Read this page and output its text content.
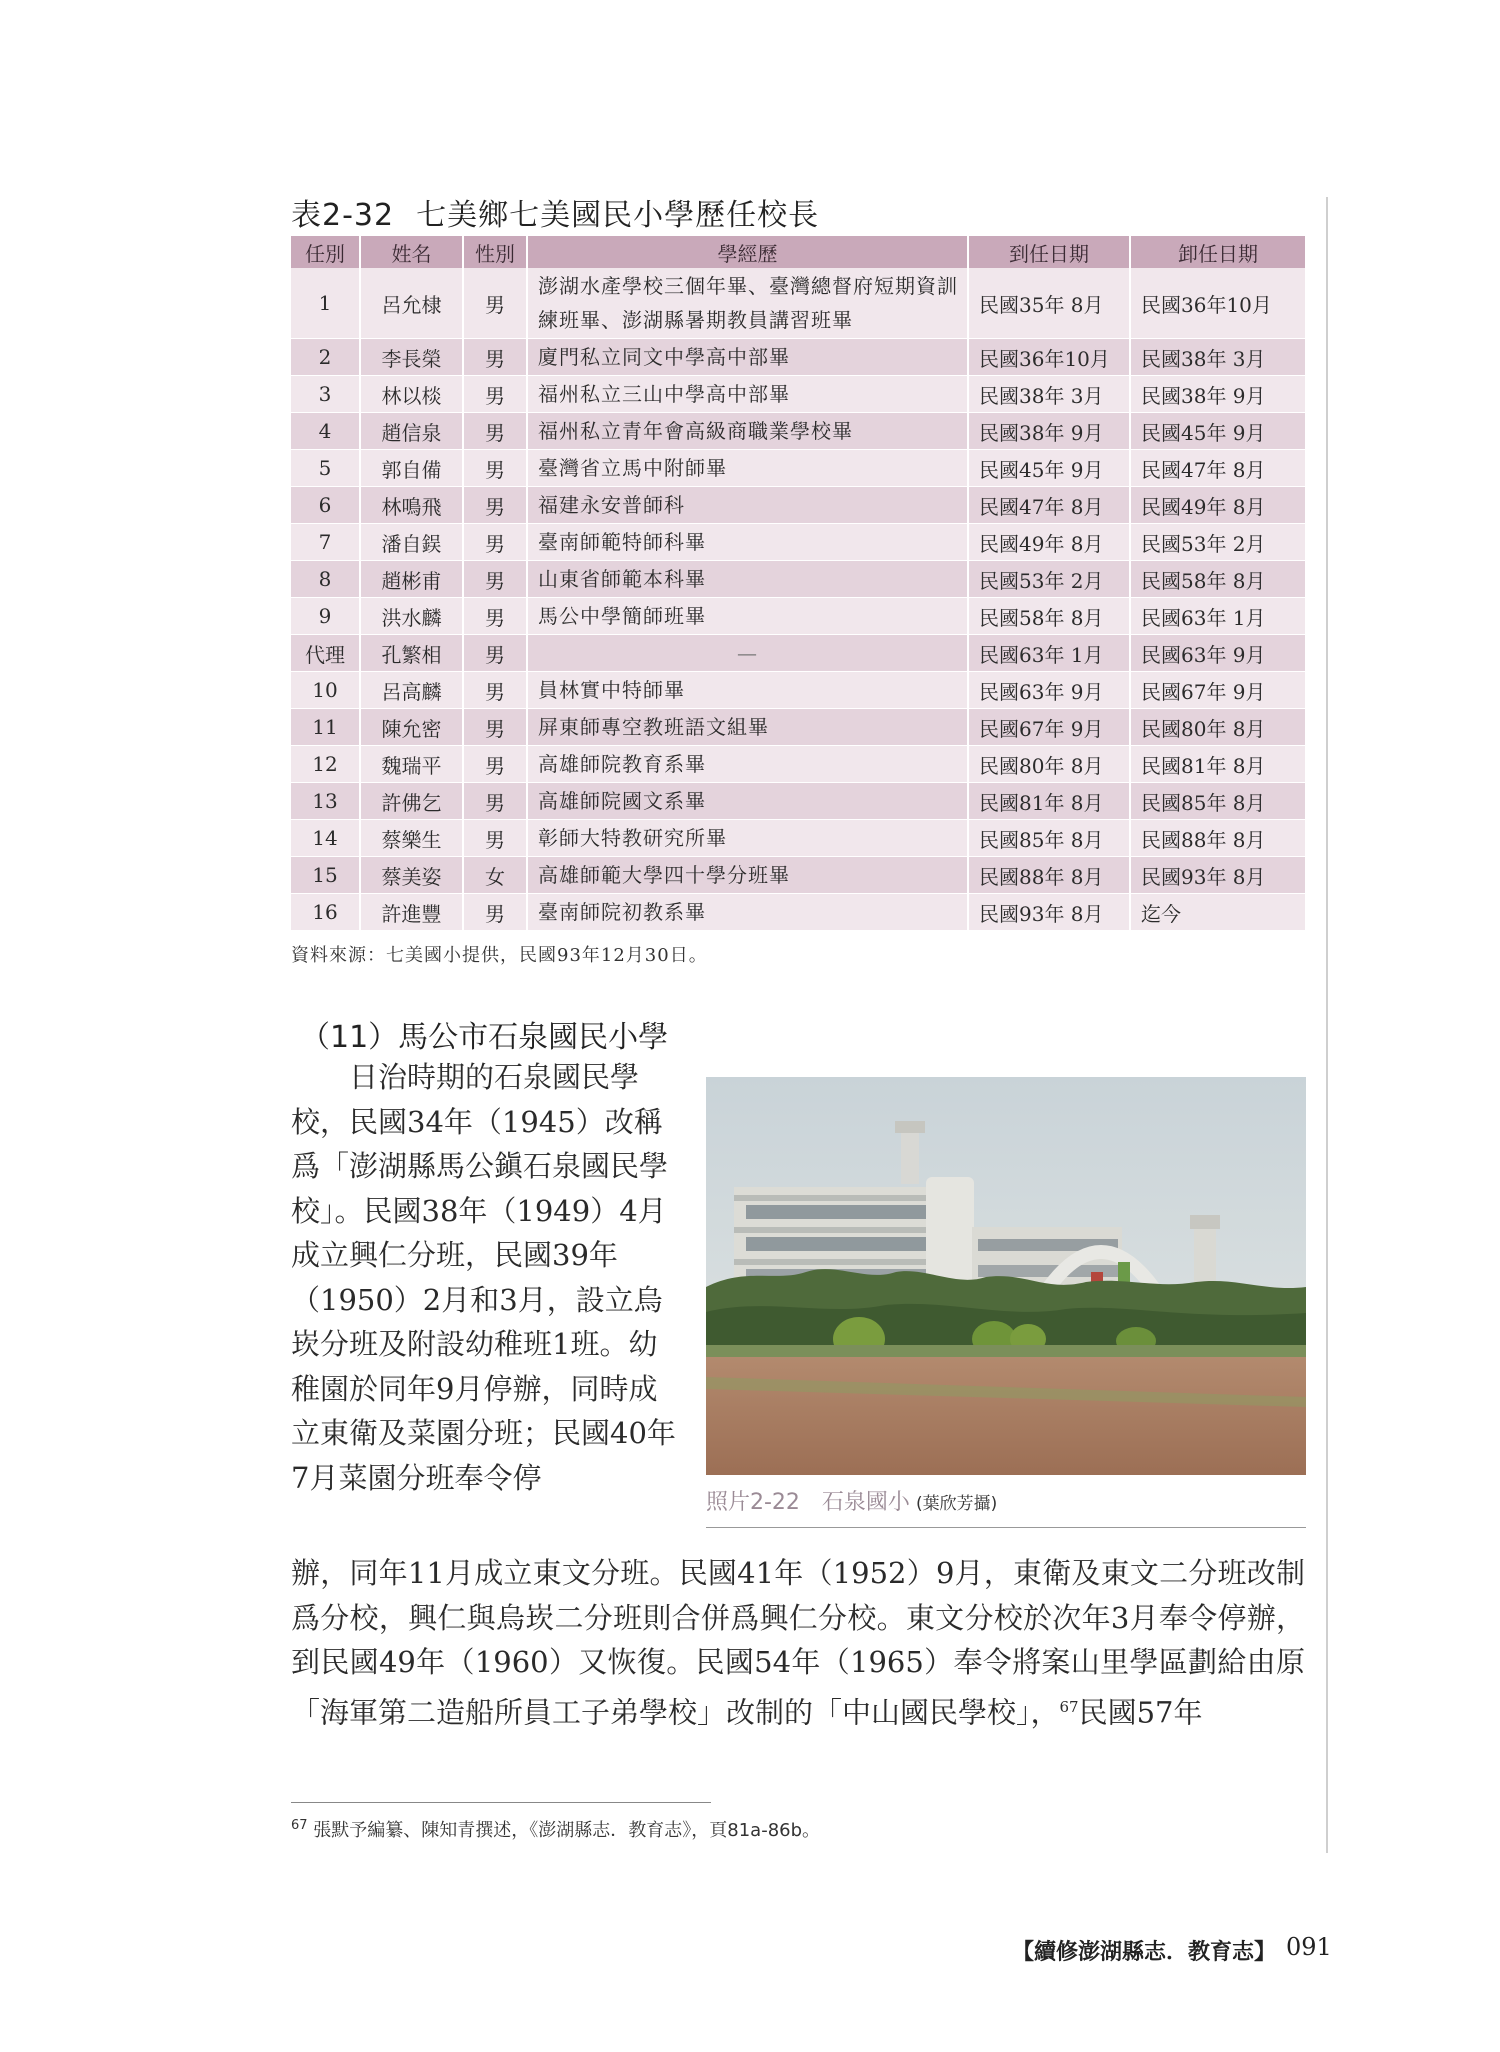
表2-32 七美鄉七美國民小學歷任校長
任別	姓名	性別	學經歷	到任日期	卸任日期
1	呂允棣	男	澎湖水產學校三個年畢、臺灣總督府短期資訓練班畢、澎湖縣暑期教員講習班畢	民國35年 8月	民國36年10月
2	李長榮	男	廈門私立同文中學高中部畢	民國36年10月	民國38年 3月
3	林以棪	男	福州私立三山中學高中部畢	民國38年 3月	民國38年 9月
4	趙信泉	男	福州私立青年會高級商職業學校畢	民國38年 9月	民國45年 9月
5	郭自備	男	臺灣省立馬中附師畢	民國45年 9月	民國47年 8月
6	林鳴飛	男	福建永安普師科	民國47年 8月	民國49年 8月
7	潘自鋘	男	臺南師範特師科畢	民國49年 8月	民國53年 2月
8	趙彬甫	男	山東省師範本科畢	民國53年 2月	民國58年 8月
9	洪水麟	男	馬公中學簡師班畢	民國58年 8月	民國63年 1月
代理	孔繁相	男	—	民國63年 1月	民國63年 9月
10	呂高麟	男	員林實中特師畢	民國63年 9月	民國67年 9月
11	陳允密	男	屏東師專空教班語文組畢	民國67年 9月	民國80年 8月
12	魏瑞平	男	高雄師院教育系畢	民國80年 8月	民國81年 8月
13	許佛乞	男	高雄師院國文系畢	民國81年 8月	民國85年 8月
14	蔡樂生	男	彰師大特教研究所畢	民國85年 8月	民國88年 8月
15	蔡美姿	女	高雄師範大學四十學分班畢	民國88年 8月	民國93年 8月
16	許進豐	男	臺南師院初教系畢	民國93年 8月	迄今
資料來源：七美國小提供，民國93年12月30日。
（11）馬公市石泉國民小學

日治時期的石泉國民學校，民國34年（1945）改稱爲「澎湖縣馬公鎭石泉國民學校」。民國38年（1949）4月成立興仁分班，民國39年（1950）2月和3月，設立烏崁分班及附設幼稚班1班。幼稚園於同年9月停辦，同時成立東衛及菜園分班；民國40年7月菜園分班奉令停

照片2-22　石泉國小 (葉欣芳攝)

辦，同年11月成立東文分班。民國41年（1952）9月，東衛及東文二分班改制爲分校，興仁與烏崁二分班則合併爲興仁分校。東文分校於次年3月奉令停辦，到民國49年（1960）又恢復。民國54年（1965）奉令將案山里學區劃給由原「海軍第二造船所員工子弟學校」改制的「中山國民學校」，$^{67}$民國57年

$^{67}$ 張默予編纂、陳知青撰述，《澎湖縣志．教育志》，頁81a-86b。
【續修澎湖縣志．教育志】 091
